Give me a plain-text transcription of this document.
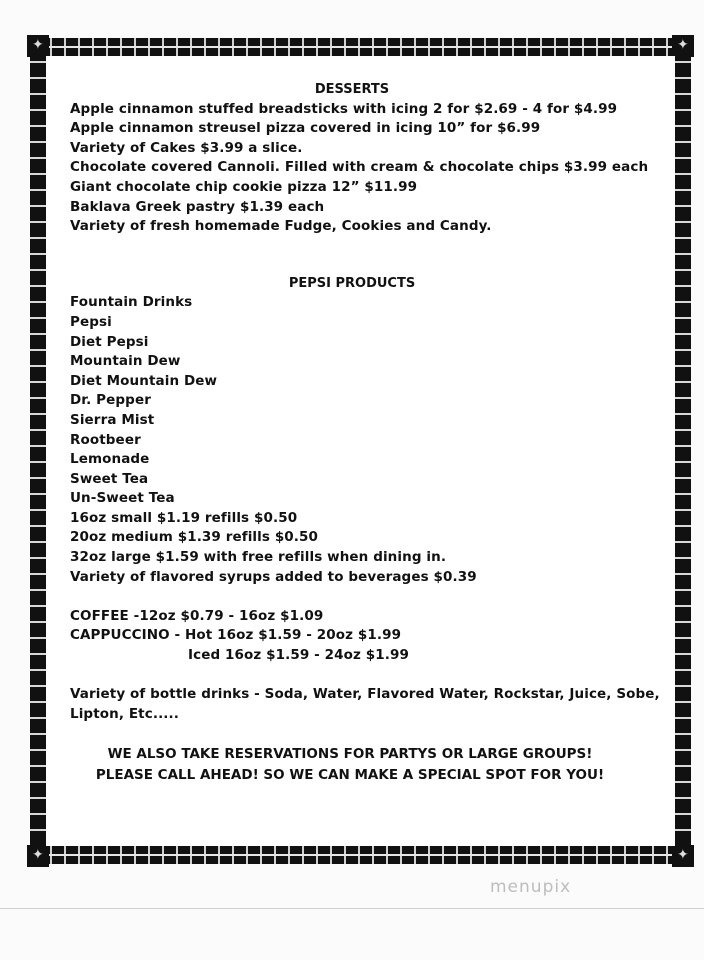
✦
✦
✦
✦
DESSERTS
Apple cinnamon stuffed breadsticks with icing 2 for $2.69 - 4 for $4.99
Apple cinnamon streusel pizza covered in icing 10” for $6.99
Variety of Cakes $3.99 a slice.
Chocolate covered Cannoli. Filled with cream & chocolate chips $3.99 each
Giant chocolate chip cookie pizza 12” $11.99
Baklava Greek pastry $1.39 each
Variety of fresh homemade Fudge, Cookies and Candy.
PEPSI PRODUCTS
Fountain Drinks
Pepsi
Diet Pepsi
Mountain Dew
Diet Mountain Dew
Dr. Pepper
Sierra Mist
Rootbeer
Lemonade
Sweet Tea
Un-Sweet Tea
16oz small $1.19 refills $0.50
20oz medium $1.39 refills $0.50
32oz large $1.59 with free refills when dining in.
Variety of flavored syrups added to beverages $0.39
COFFEE -12oz $0.79 - 16oz $1.09
CAPPUCCINO - Hot 16oz $1.59 - 20oz $1.99
Iced 16oz $1.59 - 24oz $1.99
Variety of bottle drinks - Soda, Water, Flavored Water, Rockstar, Juice, Sobe,
Lipton, Etc.....
WE ALSO TAKE RESERVATIONS FOR PARTYS OR LARGE GROUPS!
PLEASE CALL AHEAD! SO WE CAN MAKE A SPECIAL SPOT FOR YOU!
menupix
